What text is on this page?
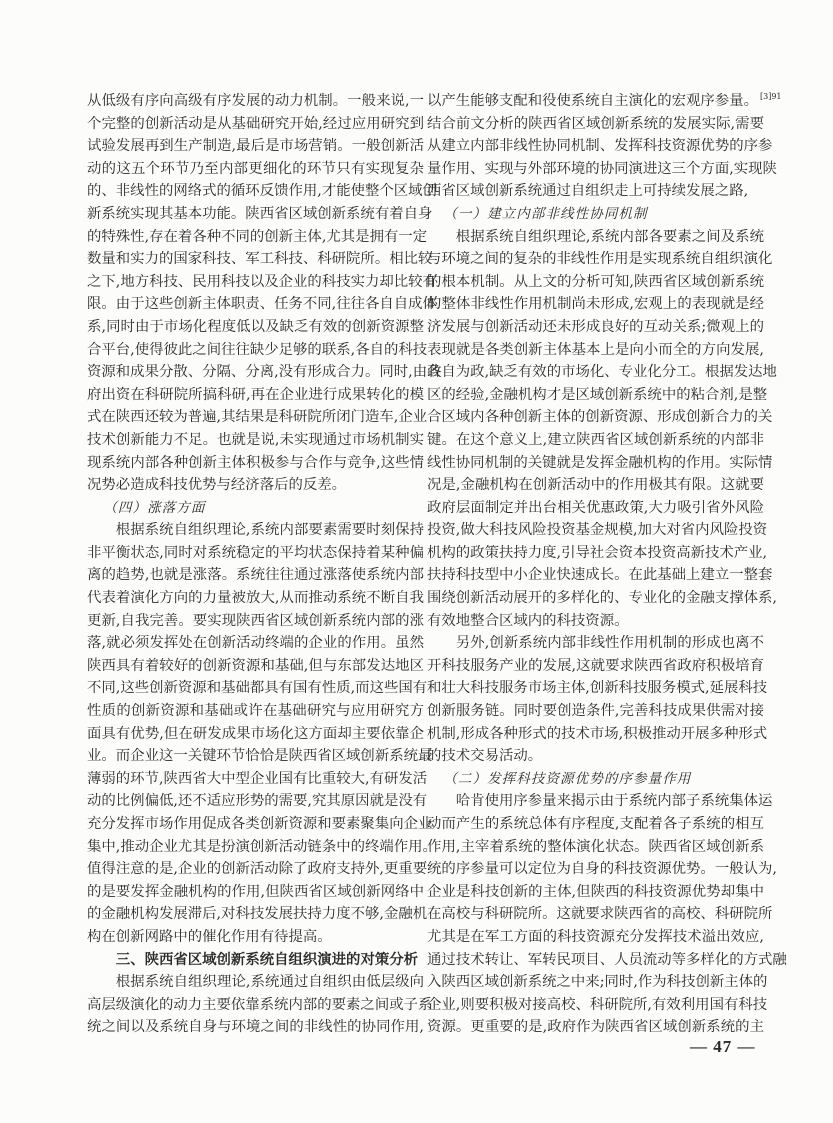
从低级有序向高级有序发展的动力机制。一般来说,一
个完整的创新活动是从基础研究开始,经过应用研究到
试验发展再到生产制造,最后是市场营销。一般创新活
动的这五个环节乃至内部更细化的环节只有实现复杂
的、非线性的网络式的循环反馈作用,才能使整个区域创
新系统实现其基本功能。陕西省区域创新系统有着自身
的特殊性,存在着各种不同的创新主体,尤其是拥有一定
数量和实力的国家科技、军工科技、科研院所。相比较
之下,地方科技、民用科技以及企业的科技实力却比较有
限。由于这些创新主体职责、任务不同,往往各自自成体
系,同时由于市场化程度低以及缺乏有效的创新资源整
合平台,使得彼此之间往往缺少足够的联系,各自的科技
资源和成果分散、分隔、分离,没有形成合力。同时,由政
府出资在科研院所搞科研,再在企业进行成果转化的模
式在陕西还较为普遍,其结果是科研院所闭门造车,企业
技术创新能力不足。也就是说,未实现通过市场机制实
现系统内部各种创新主体积极参与合作与竞争,这些情
况势必造成科技优势与经济落后的反差。
（四）涨落方面
根据系统自组织理论,系统内部要素需要时刻保持
非平衡状态,同时对系统稳定的平均状态保持着某种偏
离的趋势,也就是涨落。系统往往通过涨落使系统内部
代表着演化方向的力量被放大,从而推动系统不断自我
更新,自我完善。要实现陕西省区域创新系统内部的涨
落,就必须发挥处在创新活动终端的企业的作用。虽然
陕西具有着较好的创新资源和基础,但与东部发达地区
不同,这些创新资源和基础都具有国有性质,而这些国有
性质的创新资源和基础或许在基础研究与应用研究方
面具有优势,但在研发成果市场化这方面却主要依靠企
业。而企业这一关键环节恰恰是陕西省区域创新系统最
薄弱的环节,陕西省大中型企业国有比重较大,有研发活
动的比例偏低,还不适应形势的需要,究其原因就是没有
充分发挥市场作用促成各类创新资源和要素聚集向企业
集中,推动企业尤其是扮演创新活动链条中的终端作用。
值得注意的是,企业的创新活动除了政府支持外,更重要
的是要发挥金融机构的作用,但陕西省区域创新网络中
的金融机构发展滞后,对科技发展扶持力度不够,金融机
构在创新网路中的催化作用有待提高。
三、陕西省区域创新系统自组织演进的对策分析
根据系统自组织理论,系统通过自组织由低层级向
高层级演化的动力主要依靠系统内部的要素之间或子系
统之间以及系统自身与环境之间的非线性的协同作用,
以产生能够支配和役使系统自主演化的宏观序参量。 $^{[3]91}$
结合前文分析的陕西省区域创新系统的发展实际,需要
从建立内部非线性协同机制、发挥科技资源优势的序参
量作用、实现与外部环境的协同演进这三个方面,实现陕
西省区域创新系统通过自组织走上可持续发展之路,
（一）建立内部非线性协同机制
根据系统自组织理论,系统内部各要素之间及系统
与环境之间的复杂的非线性作用是实现系统自组织演化
的根本机制。从上文的分析可知,陕西省区域创新系统
的整体非线性作用机制尚未形成,宏观上的表现就是经
济发展与创新活动还未形成良好的互动关系;微观上的
表现就是各类创新主体基本上是向小而全的方向发展,
各自为政,缺乏有效的市场化、专业化分工。根据发达地
区的经验,金融机构才是区域创新系统中的粘合剂,是整
合区域内各种创新主体的创新资源、形成创新合力的关
键。在这个意义上,建立陕西省区域创新系统的内部非
线性协同机制的关键就是发挥金融机构的作用。实际情
况是,金融机构在创新活动中的作用极其有限。这就要
政府层面制定并出台相关优惠政策,大力吸引省外风险
投资,做大科技风险投资基金规模,加大对省内风险投资
机构的政策扶持力度,引导社会资本投资高新技术产业,
扶持科技型中小企业快速成长。在此基础上建立一整套
围绕创新活动展开的多样化的、专业化的金融支撑体系,
有效地整合区域内的科技资源。
另外,创新系统内部非线性作用机制的形成也离不
开科技服务产业的发展,这就要求陕西省政府积极培育
和壮大科技服务市场主体,创新科技服务模式,延展科技
创新服务链。同时要创造条件,完善科技成果供需对接
机制,形成各种形式的技术市场,积极推动开展多种形式
的技术交易活动。
（二）发挥科技资源优势的序参量作用
哈肯使用序参量来揭示由于系统内部子系统集体运
动而产生的系统总体有序程度,支配着各子系统的相互
作用,主宰着系统的整体演化状态。陕西省区域创新系
统的序参量可以定位为自身的科技资源优势。一般认为,
企业是科技创新的主体,但陕西的科技资源优势却集中
在高校与科研院所。这就要求陕西省的高校、科研院所
尤其是在军工方面的科技资源充分发挥技术溢出效应,
通过技术转让、军转民项目、人员流动等多样化的方式融
入陕西区域创新系统之中来;同时,作为科技创新主体的
企业,则要积极对接高校、科研院所,有效利用国有科技
资源。更重要的是,政府作为陕西省区域创新系统的主
— 47 —
